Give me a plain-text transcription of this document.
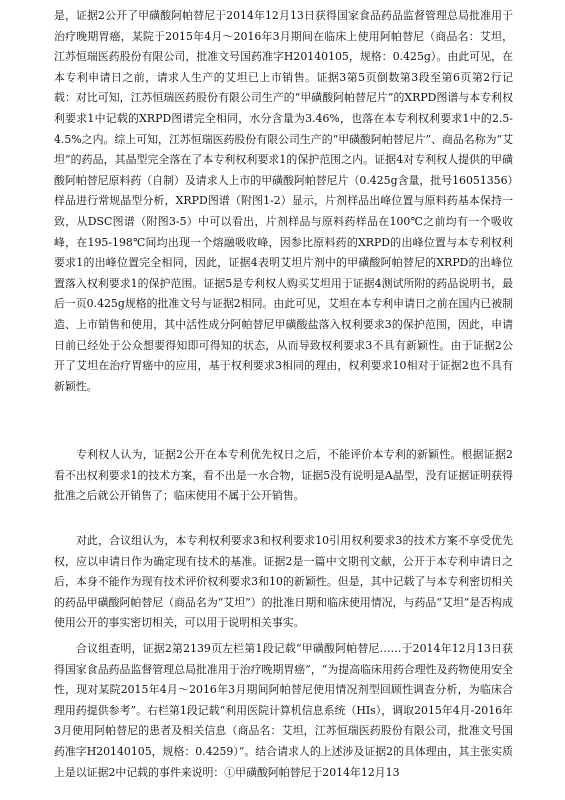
是，证据2公开了甲磺酸阿帕替尼于2014年12月13日获得国家食品药品监督管理总局批准用于治疗晚期胃癌，某院于2015年4月～2016年3月期间在临床上使用阿帕替尼（商品名：艾坦，江苏恒瑞医药股份有限公司，批准文号国药准字H20140105，规格：0.425g）。由此可见，在本专利申请日之前，请求人生产的艾坦已上市销售。证据3第5页倒数第3段至第6页第2行记载：对比可知，江苏恒瑞医药股份有限公司生产的“甲磺酸阿帕替尼片”的XRPD图谱与本专利权利要求1中记载的XRPD图谱完全相同，水分含量为3.46%，也落在本专利权利要求1中的2.5-4.5%之内。综上可知，江苏恒瑞医药股份有限公司生产的“甲磺酸阿帕替尼片”、商品名称为“艾坦”的药品，其晶型完全落在了本专利权利要求1的保护范围之内。证据4对专利权人提供的甲磺酸阿帕替尼原料药（自制）及请求人上市的甲磺酸阿帕替尼片（0.425g含量，批号16051356）样品进行常规晶型分析，XRPD图谱（附图1-2）显示，片剂样品出峰位置与原料药基本保持一致，从DSC图谱（附图3-5）中可以看出，片剂样品与原料药样品在100℃之前均有一个吸收峰，在195-198℃间均出现一个熔融吸收峰，因参比原料药的XRPD的出峰位置与本专利权利要求1的出峰位置完全相同，因此，证据4表明艾坦片剂中的甲磺酸阿帕替尼的XRPD的出峰位置落入权利要求1的保护范围。证据5是专利权人购买艾坦用于证据4测试所附的药品说明书，最后一页0.425g规格的批准文号与证据2相同。由此可见，艾坦在本专利申请日之前在国内已被制造、上市销售和使用，其中活性成分阿帕替尼甲磺酸盐落入权利要求3的保护范围，因此，申请日前已经处于公众想要得知即可得知的状态，从而导致权利要求3不具有新颖性。由于证据2公开了艾坦在治疗胃癌中的应用，基于权利要求3相同的理由，权利要求10相对于证据2也不具有新颖性。

专利权人认为，证据2公开在本专利优先权日之后，不能评价本专利的新颖性。根据证据2看不出权利要求1的技术方案，看不出是一水合物，证据5没有说明是A晶型，没有证据证明获得批准之后就公开销售了；临床使用不属于公开销售。

对此，合议组认为，本专利权利要求3和权利要求10引用权利要求3的技术方案不享受优先权，应以申请日作为确定现有技术的基准。证据2是一篇中文期刊文献，公开于本专利申请日之后，本身不能作为现有技术评价权利要求3和10的新颖性。但是，其中记载了与本专利密切相关的药品甲磺酸阿帕替尼（商品名为“艾坦”）的批准日期和临床使用情况，与药品“艾坦”是否构成使用公开的事实密切相关，可以用于说明相关事实。

合议组查明，证据2第2139页左栏第1段记载“甲磺酸阿帕替尼……于2014年12月13日获得国家食品药品监督管理总局批准用于治疗晚期胃癌”，“为提高临床用药合理性及药物使用安全性，现对某院2015年4月～2016年3月期间阿帕替尼使用情况剂型回顾性调查分析，为临床合理用药提供参考”。右栏第1段记载“利用医院计算机信息系统（HIs），调取2015年4月-2016年3月使用阿帕替尼的患者及相关信息（商品名：艾坦，江苏恒瑞医药股份有限公司，批准文号国药准字H20140105，规格：0.4259）”。结合请求人的上述涉及证据2的具体理由，其主张实质上是以证据2中记载的事件来说明：①甲磺酸阿帕替尼于2014年12月13
